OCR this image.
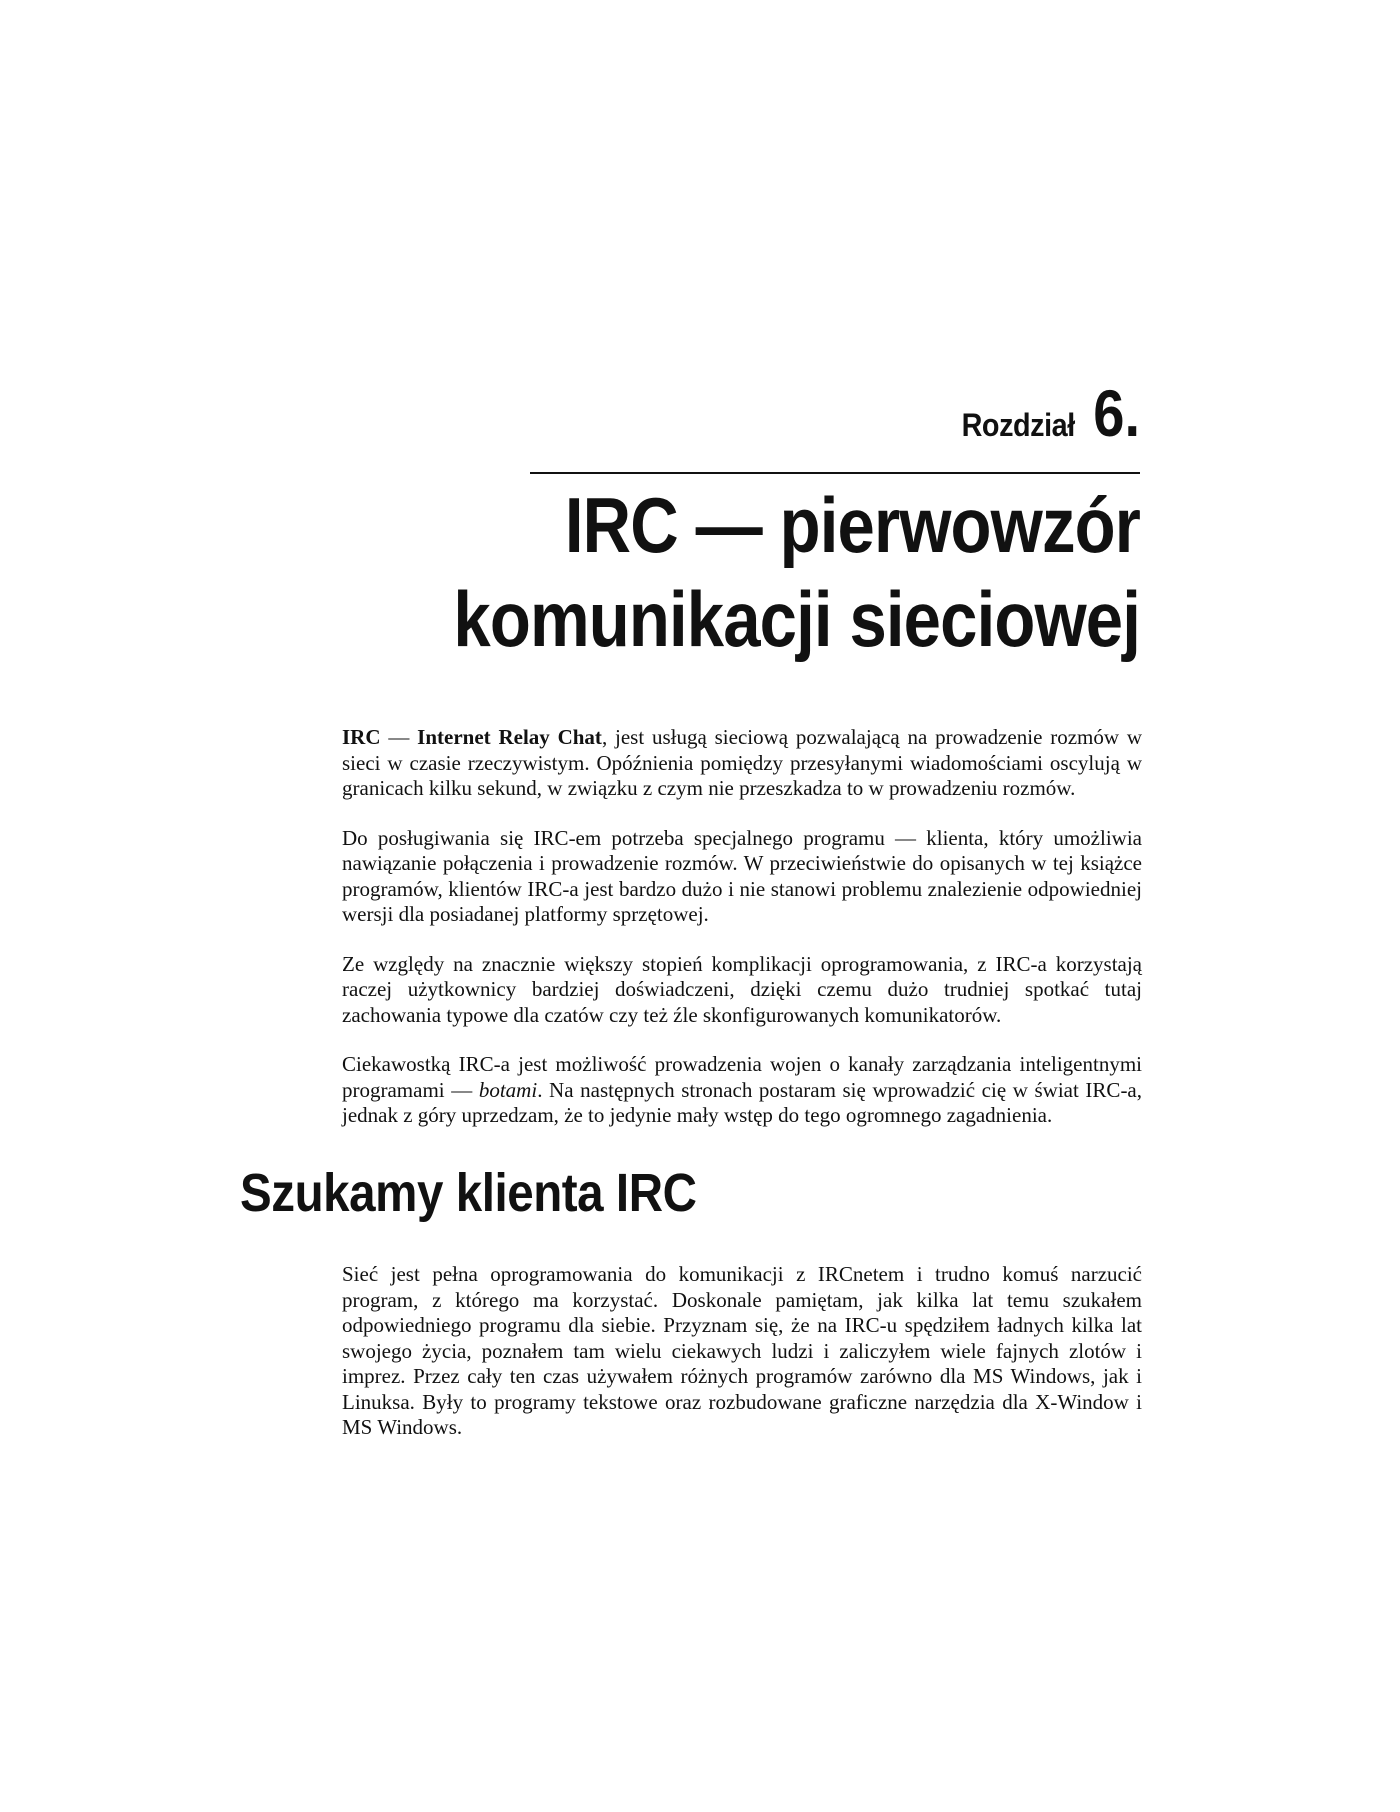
Rozdział 6.
IRC — pierwowzór
komunikacji sieciowej

IRC — Internet Relay Chat, jest usługą sieciową pozwalającą na prowadzenie rozmów w sieci w czasie rzeczywistym. Opóźnienia pomiędzy przesyłanymi wiadomościami oscylują w granicach kilku sekund, w związku z czym nie przeszkadza to w prowadzeniu rozmów.

Do posługiwania się IRC-em potrzeba specjalnego programu — klienta, który umożliwia nawiązanie połączenia i prowadzenie rozmów. W przeciwieństwie do opisanych w tej książce programów, klientów IRC-a jest bardzo dużo i nie stanowi problemu znalezienie odpowiedniej wersji dla posiadanej platformy sprzętowej.

Ze względy na znacznie większy stopień komplikacji oprogramowania, z IRC-a korzystają raczej użytkownicy bardziej doświadczeni, dzięki czemu dużo trudniej spotkać tutaj zachowania typowe dla czatów czy też źle skonfigurowanych komunikatorów.

Ciekawostką IRC-a jest możliwość prowadzenia wojen o kanały zarządzania inteligentnymi programami — botami. Na następnych stronach postaram się wprowadzić cię w świat IRC-a, jednak z góry uprzedzam, że to jedynie mały wstęp do tego ogromnego zagadnienia.

Szukamy klienta IRC

Sieć jest pełna oprogramowania do komunikacji z IRCnetem i trudno komuś narzucić program, z którego ma korzystać. Doskonale pamiętam, jak kilka lat temu szukałem odpowiedniego programu dla siebie. Przyznam się, że na IRC-u spędziłem ładnych kilka lat swojego życia, poznałem tam wielu ciekawych ludzi i zaliczyłem wiele fajnych zlotów i imprez. Przez cały ten czas używałem różnych programów zarówno dla MS Windows, jak i Linuksa. Były to programy tekstowe oraz rozbudowane graficzne narzędzia dla X-Window i MS Windows.
